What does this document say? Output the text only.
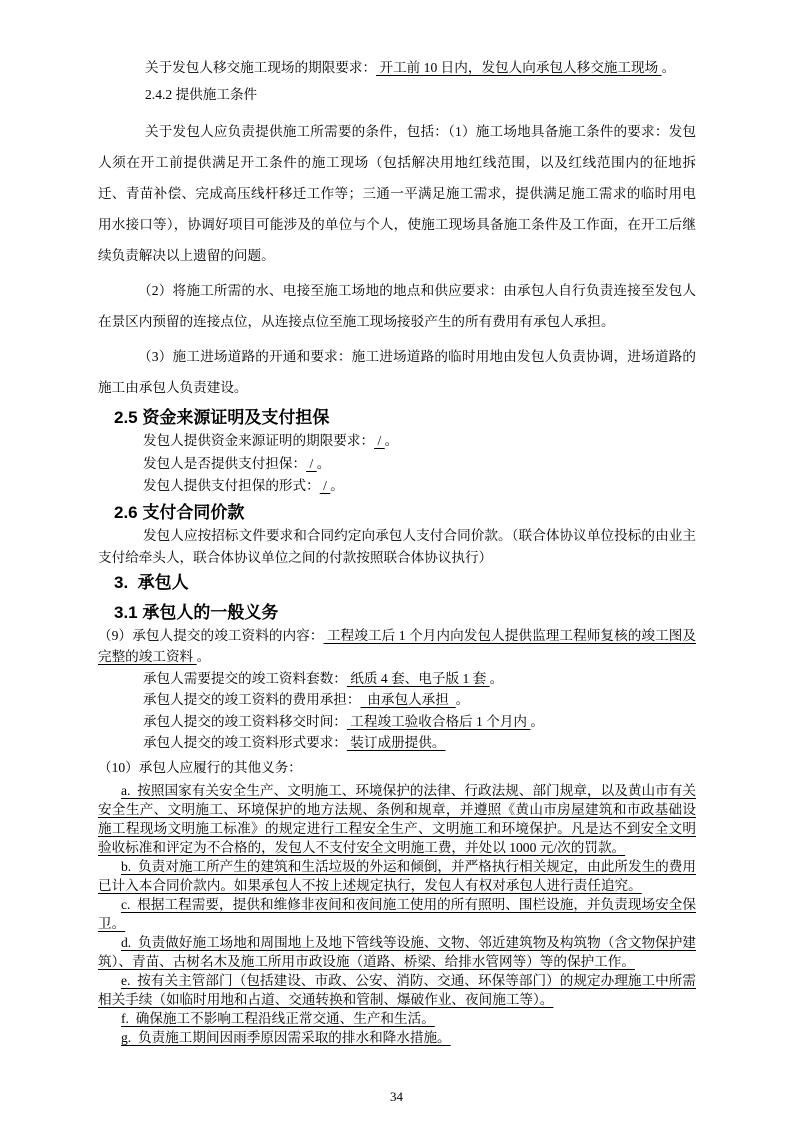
关于发包人移交施工现场的期限要求： 开工前 10 日内，发包人向承包人移交施工现场 。

2.4.2 提供施工条件

关于发包人应负责提供施工所需要的条件，包括：（1）施工场地具备施工条件的要求：发包人须在开工前提供满足开工条件的施工现场（包括解决用地红线范围，以及红线范围内的征地拆迁、青苗补偿、完成高压线杆移迁工作等；三通一平满足施工需求，提供满足施工需求的临时用电用水接口等），协调好项目可能涉及的单位与个人，使施工现场具备施工条件及工作面，在开工后继续负责解决以上遗留的问题。

（2）将施工所需的水、电接至施工场地的地点和供应要求：由承包人自行负责连接至发包人在景区内预留的连接点位，从连接点位至施工现场接驳产生的所有费用有承包人承担。

（3）施工进场道路的开通和要求：施工进场道路的临时用地由发包人负责协调，进场道路的施工由承包人负责建设。

2.5 资金来源证明及支付担保

发包人提供资金来源证明的期限要求： / 。

发包人是否提供支付担保： / 。

发包人提供支付担保的形式： / 。

2.6 支付合同价款

发包人应按招标文件要求和合同约定向承包人支付合同价款。（联合体协议单位投标的由业主支付给牵头人，联合体协议单位之间的付款按照联合体协议执行）

3.  承包人

3.1 承包人的一般义务

（9）承包人提交的竣工资料的内容： 工程竣工后 1 个月内向发包人提供监理工程师复核的竣工图及完整的竣工资料 。

承包人需要提交的竣工资料套数： 纸质 4 套、电子版 1 套 。

承包人提交的竣工资料的费用承担：  由承包人承担  。

承包人提交的竣工资料移交时间： 工程竣工验收合格后 1 个月内 。

承包人提交的竣工资料形式要求： 装订成册提供。

（10）承包人应履行的其他义务：

a.  按照国家有关安全生产、文明施工、环境保护的法律、行政法规、部门规章，以及黄山市有关安全生产、文明施工、环境保护的地方法规、条例和规章，并遵照《黄山市房屋建筑和市政基础设施工程现场文明施工标准》的规定进行工程安全生产、文明施工和环境保护。凡是达不到安全文明验收标准和评定为不合格的，发包人不支付安全文明施工费，并处以 1000 元/次的罚款。

b.  负责对施工所产生的建筑和生活垃圾的外运和倾倒，并严格执行相关规定，由此所发生的费用已计入本合同价款内。如果承包人不按上述规定执行，发包人有权对承包人进行责任追究。

c.  根据工程需要，提供和维修非夜间和夜间施工使用的所有照明、围栏设施，并负责现场安全保卫。

d.  负责做好施工场地和周围地上及地下管线等设施、文物、邻近建筑物及构筑物（含文物保护建筑）、青苗、古树名木及施工所用市政设施（道路、桥梁、给排水管网等）等的保护工作。

e.  按有关主管部门（包括建设、市政、公安、消防、交通、环保等部门）的规定办理施工中所需相关手续（如临时用地和占道、交通转换和管制、爆破作业、夜间施工等）。

f.  确保施工不影响工程沿线正常交通、生产和生活。

g.  负责施工期间因雨季原因需采取的排水和降水措施。

34
